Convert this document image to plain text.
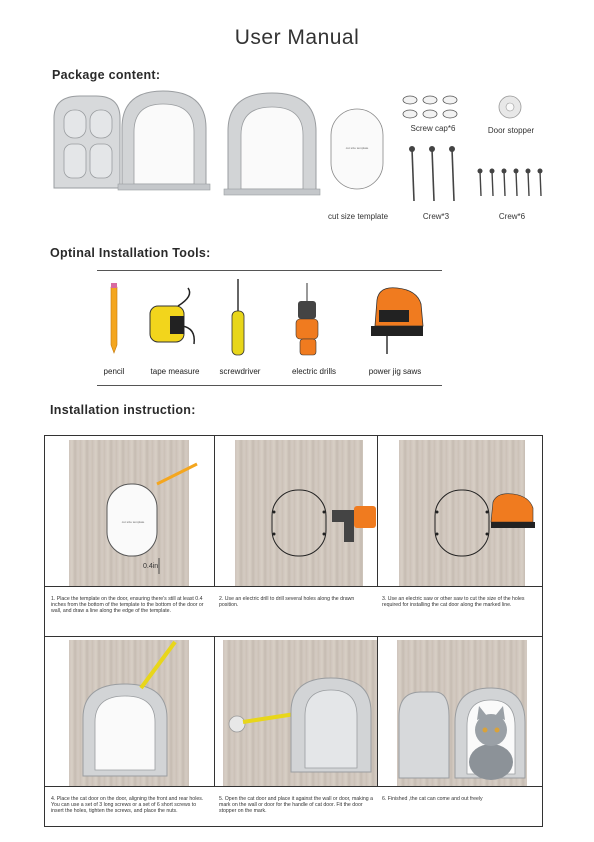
User Manual
Package content:
cut size template
cut size template
Screw cap*6	Door stopper
Crew*3	Crew*6
Optinal Installation Tools:
pencil	tape measure	screwdriver	electric drills	power jig saws
Installation instruction:
cut size template
0.4in
1. Place the template on the door, ensuring there's still at least 0.4 inches from the bottom of the template to the bottom of the door or wall, and draw a line along the edge of the template.
2. Use an electric drill to drill several holes along the drawn position.
3. Use an electric saw or other saw to cut the size of the holes required for installing the cat door along the marked line.
4. Place the cat door on the door, aligning the front and rear holes. You can use a set of 3 long screws or a set of 6 short screws to insert the holes, tighten the screws, and place the nuts.
5. Open the cat door and place it against the wall or door, making a mark on the wall or door for the handle of cat door. Fit the door stopper on the mark.
6. Finished ,the cat can come and out freely
